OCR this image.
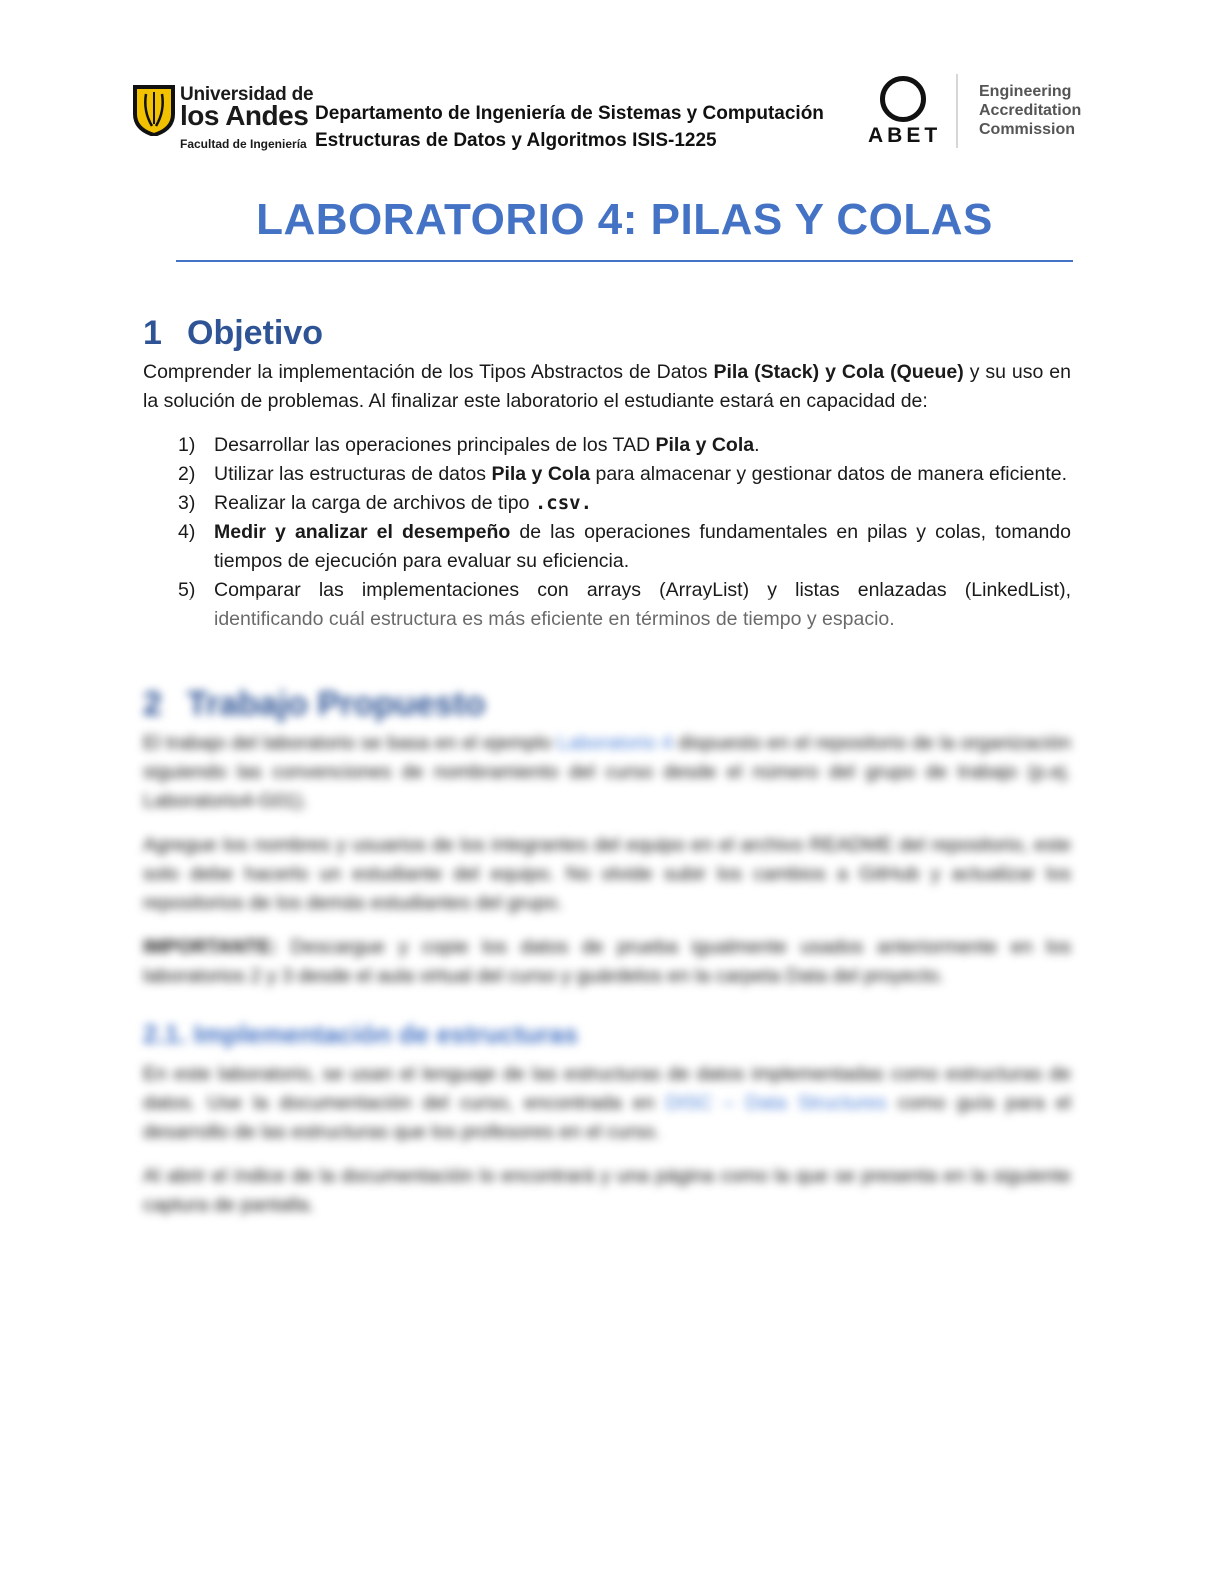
Universidad de
los Andes
Facultad de Ingeniería
Departamento de Ingeniería de Sistemas y Computación
Estructuras de Datos y Algoritmos ISIS-1225	ABET
Engineering
Accreditation
Commission
LABORATORIO 4: PILAS Y COLAS
1 Objetivo
Comprender la implementación de los Tipos Abstractos de Datos Pila (Stack) y Cola (Queue) y su uso en la solución de problemas. Al finalizar este laboratorio el estudiante estará en capacidad de:
1) Desarrollar las operaciones principales de los TAD Pila y Cola.
2) Utilizar las estructuras de datos Pila y Cola para almacenar y gestionar datos de manera eficiente.
3) Realizar la carga de archivos de tipo .csv.
4) Medir y analizar el desempeño de las operaciones fundamentales en pilas y colas, tomando tiempos de ejecución para evaluar su eficiencia.
5) Comparar las implementaciones con arrays (ArrayList) y listas enlazadas (LinkedList), identificando cuál estructura es más eficiente en términos de tiempo y espacio.
2 Trabajo Propuesto
El trabajo del laboratorio se basa en el ejemplo Laboratorio 4 dispuesto en el repositorio de la organización siguiendo las convenciones de nombramiento del curso desde el número del grupo de trabajo (p.ej. Laboratorio4-G01).
Agregue los nombres y usuarios de los integrantes del equipo en el archivo README del repositorio, este solo debe hacerlo un estudiante del equipo. No olvide subir los cambios a GitHub y actualizar los repositorios de los demás estudiantes del grupo.
IMPORTANTE: Descargue y copie los datos de prueba igualmente usados anteriormente en los laboratorios 2 y 3 desde el aula virtual del curso y guárdelos en la carpeta Data del proyecto.
2.1. Implementación de estructuras
En este laboratorio, se usan el lenguaje de las estructuras de datos implementadas como estructuras de datos. Use la documentación del curso, encontrada en DISC – Data Structures como guía para el desarrollo de las estructuras que los profesores en el curso.
Al abrir el índice de la documentación lo encontrará y una página como la que se presenta en la siguiente captura de pantalla.
